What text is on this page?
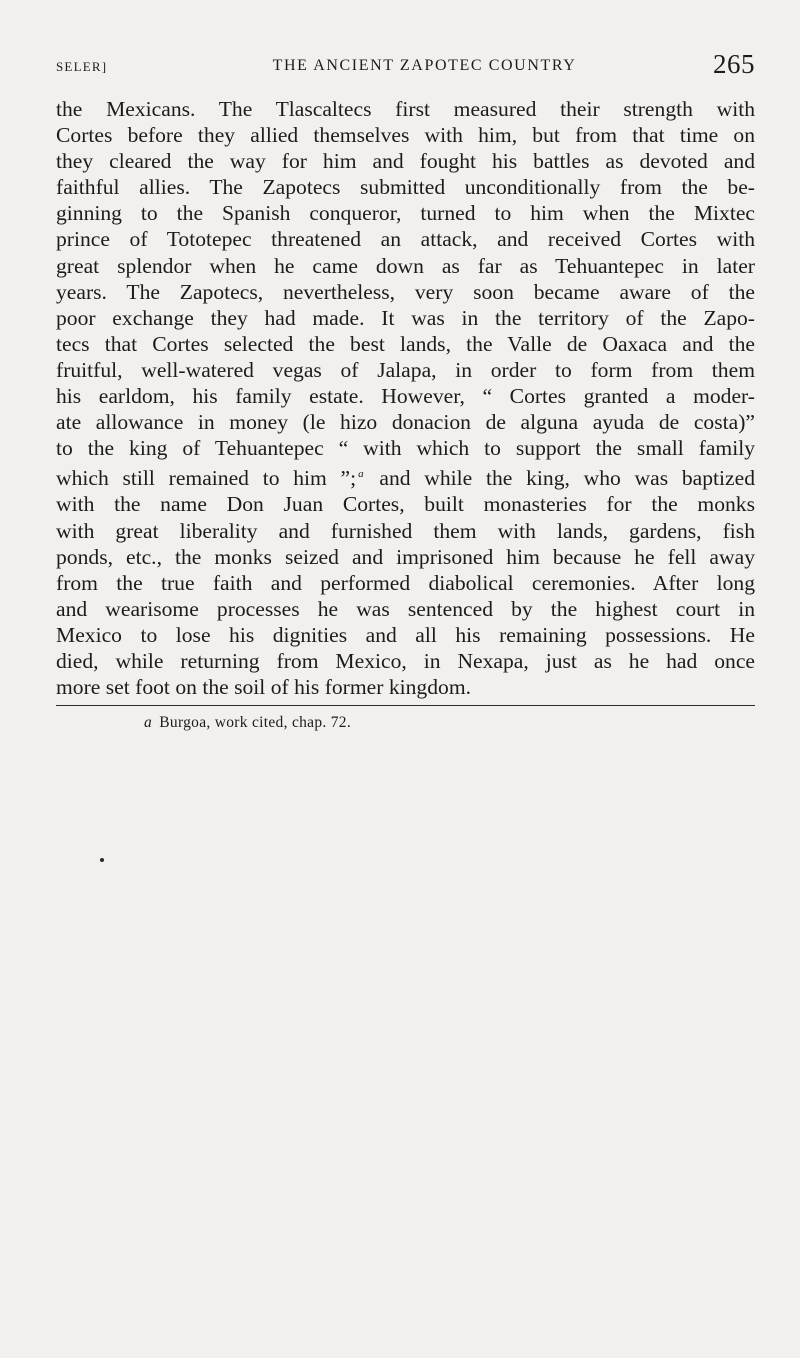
SELER]	THE ANCIENT ZAPOTEC COUNTRY	265
the Mexicans. The Tlascaltecs first measured their strength with
Cortes before they allied themselves with him, but from that time on
they cleared the way for him and fought his battles as devoted and
faithful allies. The Zapotecs submitted unconditionally from the be-
ginning to the Spanish conqueror, turned to him when the Mixtec
prince of Tototepec threatened an attack, and received Cortes with
great splendor when he came down as far as Tehuantepec in later
years. The Zapotecs, nevertheless, very soon became aware of the
poor exchange they had made. It was in the territory of the Zapo-
tecs that Cortes selected the best lands, the Valle de Oaxaca and the
fruitful, well-watered vegas of Jalapa, in order to form from them
his earldom, his family estate. However, “ Cortes granted a moder-
ate allowance in money (le hizo donacion de alguna ayuda de costa)”
to the king of Tehuantepec “ with which to support the small family
which still remained to him ”; $^a$ and while the king, who was baptized
with the name Don Juan Cortes, built monasteries for the monks
with great liberality and furnished them with lands, gardens, fish
ponds, etc., the monks seized and imprisoned him because he fell away
from the true faith and performed diabolical ceremonies. After long
and wearisome processes he was sentenced by the highest court in
Mexico to lose his dignities and all his remaining possessions. He
died, while returning from Mexico, in Nexapa, just as he had once
more set foot on the soil of his former kingdom.
a Burgoa, work cited, chap. 72.
